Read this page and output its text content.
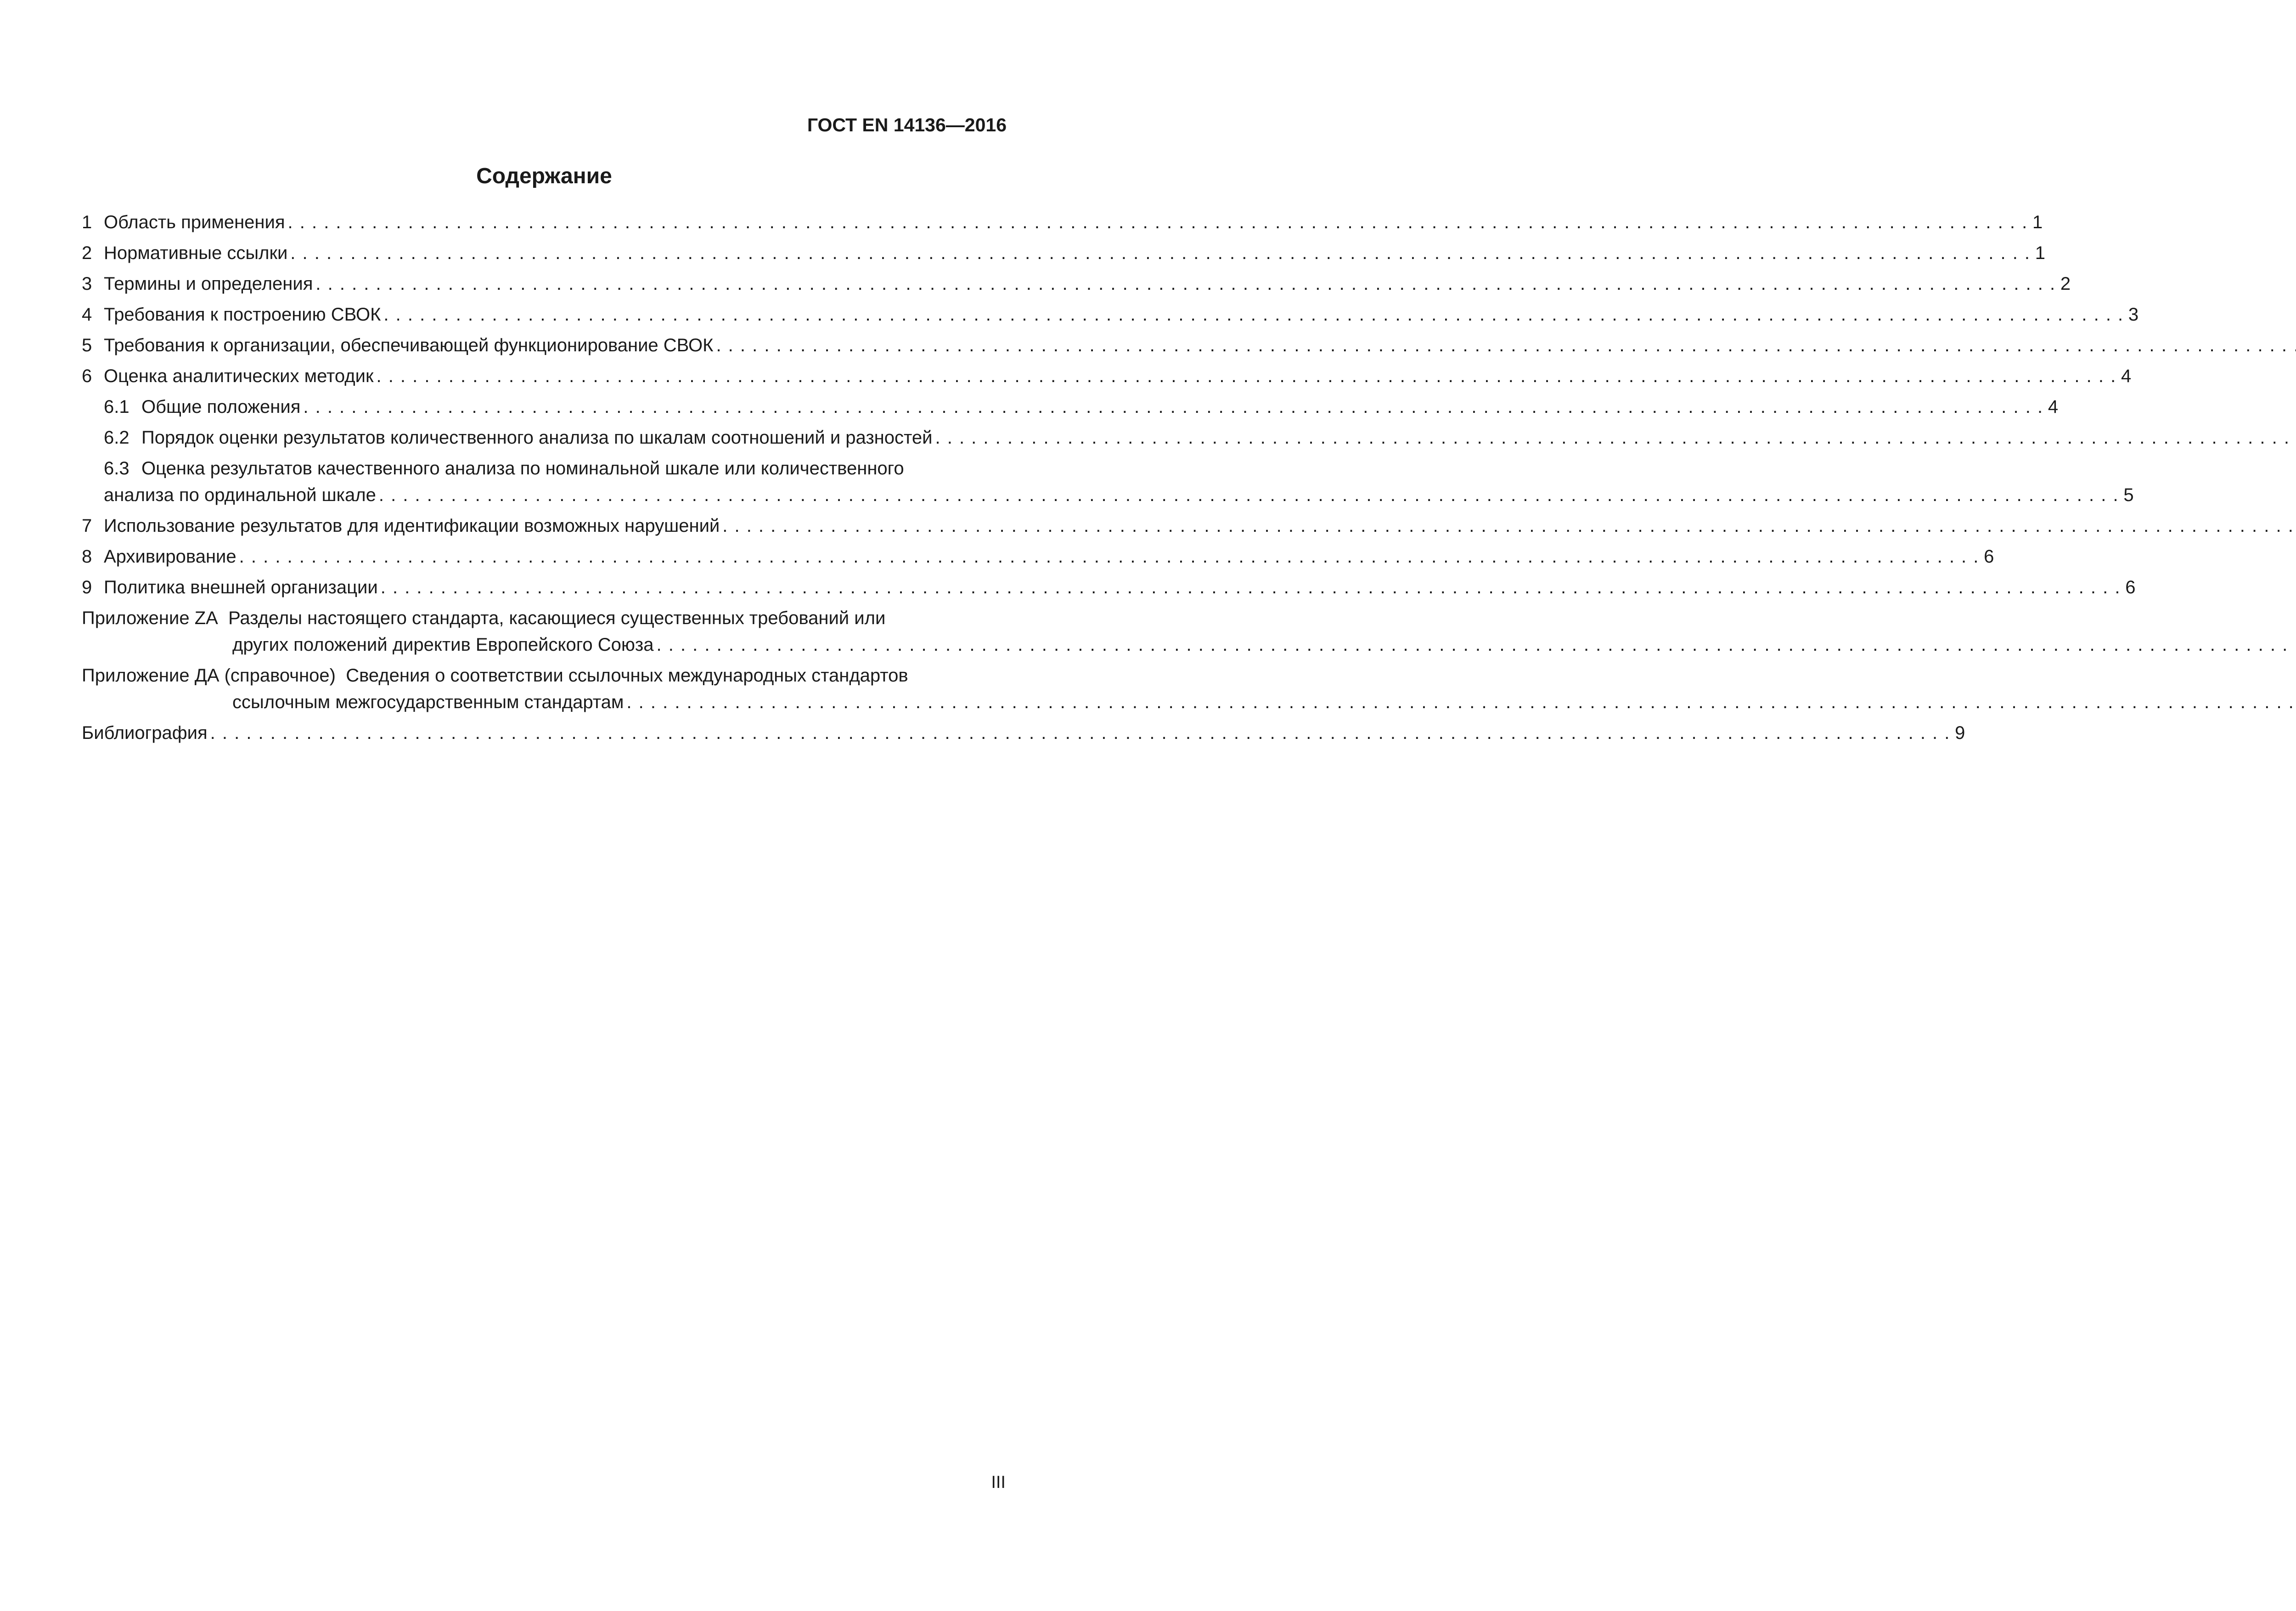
ГОСТ EN 14136—2016
Содержание
1 Область применения . . .	1
2 Нормативные ссылки . . .	1
3 Термины и определения . . .	2
4 Требования к построению СВОК . . .	3
5 Требования к организации, обеспечивающей функционирование СВОК
. . .
6 Оценка аналитических методик . . .	4
6.1 Общие положения . . .	4
6.2 Порядок оценки результатов количественного анализа по шкалам соотношений и разностей
. . .
6.3 Оценка результатов качественного анализа по номинальной шкале или количественного
анализа по ординальной шкале . . .	5
7 Использование результатов для идентификации возможных нарушений
. . .
8 Архивирование . . .	6
9 Политика внешней организации . . .	6
Приложение ZA Разделы настоящего стандарта, касающиеся существенных требований или
других положений директив Европейского Союза
. . .
Приложение ДА (справочное) Сведения о соответствии ссылочных международных стандартов
ссылочным межгосударственным стандартам
. . .
Библиография . . .	9
III
